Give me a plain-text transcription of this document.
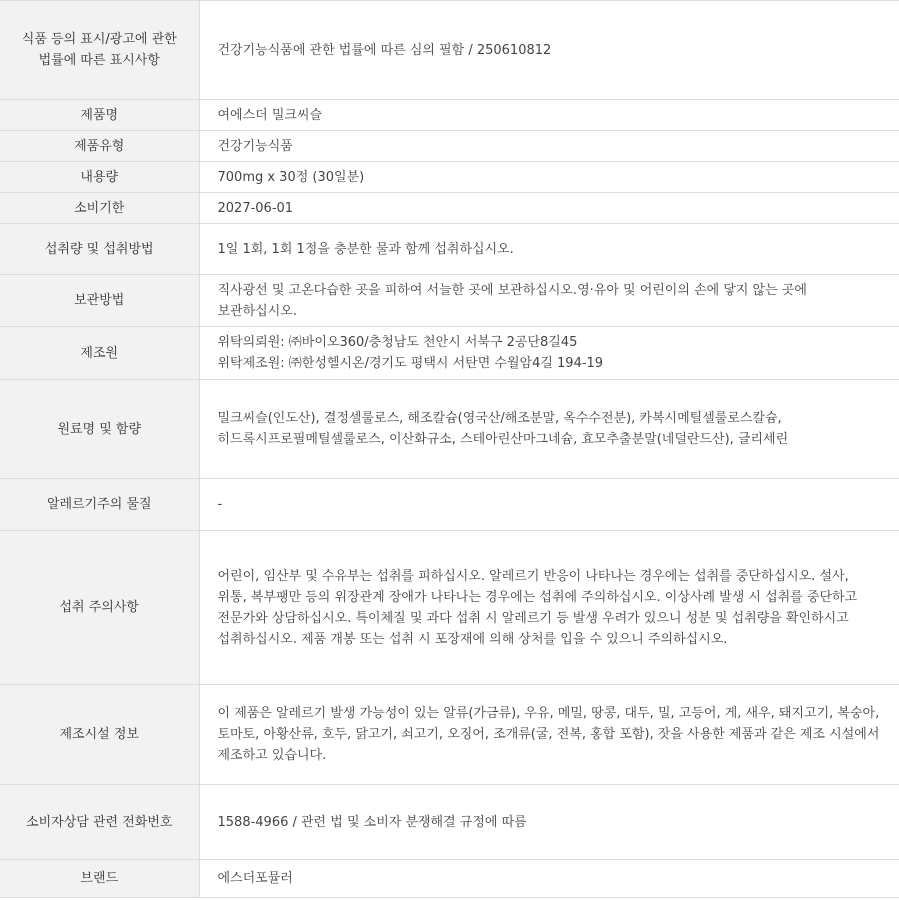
식품 등의 표시/광고에 관한 법률에 따른 표시사항	건강기능식품에 관한 법률에 따른 심의 필함 / 250610812
제품명	여에스더 밀크씨슬
제품유형	건강기능식품
내용량	700mg x 30정 (30일분)
소비기한	2027-06-01
섭취량 및 섭취방법	1일 1회, 1회 1정을 충분한 물과 함께 섭취하십시오.
보관방법	직사광선 및 고온다습한 곳을 피하여 서늘한 곳에 보관하십시오.영·유아 및 어린이의 손에 닿지 않는 곳에 보관하십시오.
제조원	위탁의뢰원: ㈜바이오360/충청남도 천안시 서북구 2공단8길45
위탁제조원: ㈜한성헬시온/경기도 평택시 서탄면 수월암4길 194-19

원료명 및 함량	밀크씨슬(인도산), 결정셀룰로스, 해조칼슘(영국산/해조분말, 옥수수전분), 카복시메틸셀룰로스칼슘, 히드록시프로필메틸셀룰로스, 이산화규소, 스테아린산마그네슘, 효모추출분말(네덜란드산), 글리세린
알레르기주의 물질	-
섭취 주의사항	어린이, 임산부 및 수유부는 섭취를 피하십시오. 알레르기 반응이 나타나는 경우에는 섭취를 중단하십시오. 설사, 위통, 복부팽만 등의 위장관계 장애가 나타나는 경우에는 섭취에 주의하십시오. 이상사례 발생 시 섭취를 중단하고 전문가와 상담하십시오. 특이체질 및 과다 섭취 시 알레르기 등 발생 우려가 있으니 성분 및 섭취량을 확인하시고 섭취하십시오. 제품 개봉 또는 섭취 시 포장재에 의해 상처를 입을 수 있으니 주의하십시오.
제조시설 정보	이 제품은 알레르기 발생 가능성이 있는 알류(가금류), 우유, 메밀, 땅콩, 대두, 밀, 고등어, 게, 새우, 돼지고기, 복숭아, 토마토, 아황산류, 호두, 닭고기, 쇠고기, 오징어, 조개류(굴, 전복, 홍합 포함), 잣을 사용한 제품과 같은 제조 시설에서 제조하고 있습니다.
소비자상담 관련 전화번호	1588-4966 / 관련 법 및 소비자 분쟁해결 규정에 따름
브랜드	에스더포뮬러
